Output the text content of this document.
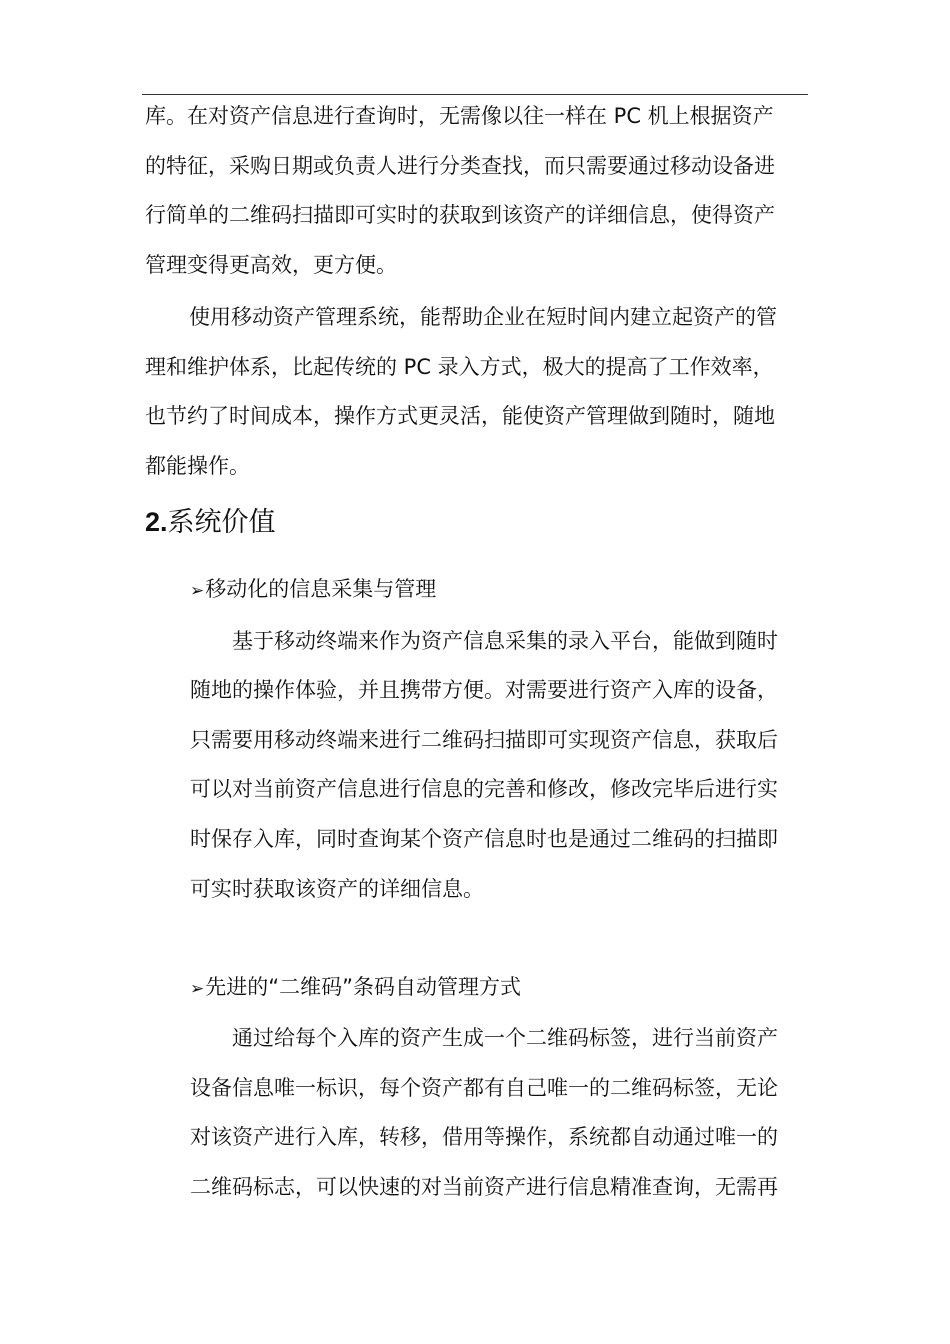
库。在对资产信息进行查询时，无需像以往一样在 PC 机上根据资产
的特征，采购日期或负责人进行分类查找，而只需要通过移动设备进
行简单的二维码扫描即可实时的获取到该资产的详细信息，使得资产
管理变得更高效，更方便。
使用移动资产管理系统，能帮助企业在短时间内建立起资产的管
理和维护体系，比起传统的 PC 录入方式，极大的提高了工作效率，
也节约了时间成本，操作方式更灵活，能使资产管理做到随时，随地
都能操作。
2.系统价值
➢移动化的信息采集与管理
基于移动终端来作为资产信息采集的录入平台，能做到随时
随地的操作体验，并且携带方便。对需要进行资产入库的设备，
只需要用移动终端来进行二维码扫描即可实现资产信息，获取后
可以对当前资产信息进行信息的完善和修改，修改完毕后进行实
时保存入库，同时查询某个资产信息时也是通过二维码的扫描即
可实时获取该资产的详细信息。
➢先进的“二维码”条码自动管理方式
通过给每个入库的资产生成一个二维码标签，进行当前资产
设备信息唯一标识，每个资产都有自己唯一的二维码标签，无论
对该资产进行入库，转移，借用等操作，系统都自动通过唯一的
二维码标志，可以快速的对当前资产进行信息精准查询，无需再
